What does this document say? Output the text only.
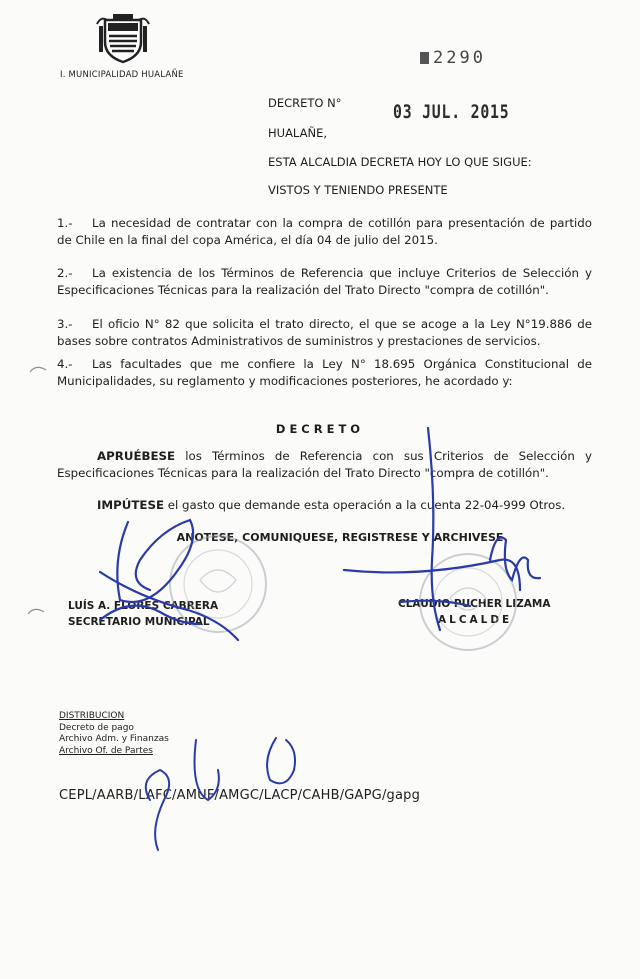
I. MUNICIPALIDAD HUALAÑE
2290
03 JUL. 2015
DECRETO N°
HUALAÑE,
ESTA ALCALDIA DECRETA HOY LO QUE SIGUE:
VISTOS Y TENIENDO PRESENTE
1.- La necesidad de contratar con la compra de cotillón para presentación de partido de Chile en la final del copa América, el día 04 de julio del 2015.
2.- La existencia de los Términos de Referencia que incluye Criterios de Selección y Especificaciones Técnicas para la realización del Trato Directo "compra de cotillón".
3.- El oficio N° 82 que solicita el trato directo, el que se acoge a la Ley N°19.886 de bases sobre contratos Administrativos de suministros y prestaciones de servicios.
4.- Las facultades que me confiere la Ley N° 18.695 Orgánica Constitucional de Municipalidades, su reglamento y modificaciones posteriores, he acordado y:
DECRETO
APRUÉBESE los Términos de Referencia con sus Criterios de Selección y Especificaciones Técnicas para la realización del Trato Directo "compra de cotillón".
IMPÚTESE el gasto que demande esta operación a la cuenta 22-04-999 Otros.
ANOTESE, COMUNIQUESE, REGISTRESE Y ARCHIVESE
LUÍS A. FLORES CABRERA
SECRETARIO MUNICIPAL
CLAUDIO PUCHER LIZAMA
ALCALDE
DISTRIBUCION
Decreto de pago
Archivo Adm. y Finanzas
Archivo Of. de Partes
CEPL/AARB/LAFC/AMUF/AMGC/LACP/CAHB/GAPG/gapg
